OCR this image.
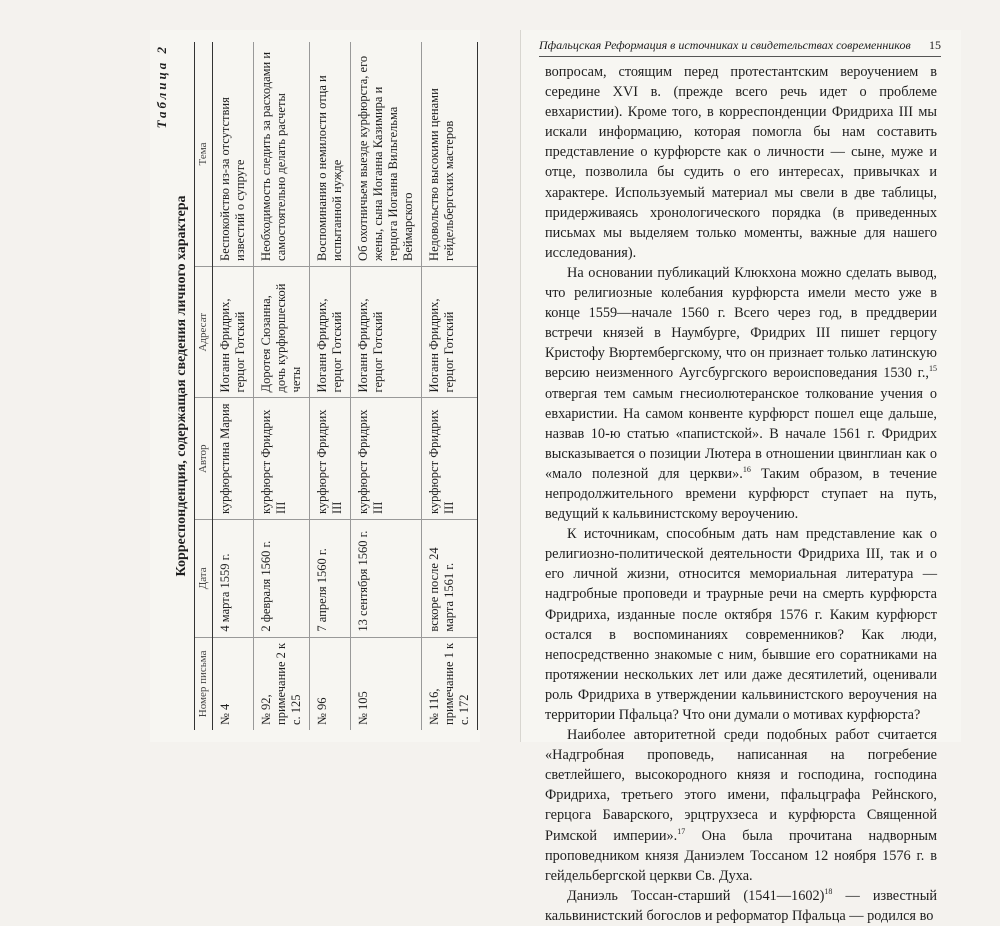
Таблица 2
Корреспонденция, содержащая сведения личного характера
Номер письма	Дата	Автор	Адресат	Тема
№ 4	4 марта 1559 г.	курфюрстина Мария	Иоганн Фридрих, герцог Готский	Беспокойство из-за отсутствия известий о супруге
№ 92, примечание 2 к с. 125	2 февраля 1560 г.	курфюрст Фридрих III	Доротея Сюзанна, дочь курфюршеской четы	Необходимость следить за расходами и самостоятельно делать расчеты
№ 96	7 апреля 1560 г.	курфюрст Фридрих III	Иоганн Фридрих, герцог Готский	Воспоминания о немилости отца и испытанной нужде
№ 105	13 сентября 1560 г.	курфюрст Фридрих III	Иоганн Фридрих, герцог Готский	Об охотничьем выезде курфюрста, его жены, сына Иоганна Казимира и герцога Иоганна Вильгельма Веймарского
№ 116, примечание 1 к с. 172	вскоре после 24 марта 1561 г.	курфюрст Фридрих III	Иоганн Фридрих, герцог Готский	Недовольство высокими ценами гейдельбергских мастеров
Пфальцская Реформация в источниках и свидетельствах современников 15

вопросам, стоящим перед протестантским вероучением в середине XVI в. (прежде всего речь идет о проблеме евхаристии). Кроме того, в корреспонденции Фридриха III мы искали информацию, которая помогла бы нам составить представление о курфюрсте как о личности — сыне, муже и отце, позволила бы судить о его интересах, привычках и характере. Используемый материал мы свели в две таблицы, придерживаясь хронологического порядка (в приведенных письмах мы выделяем только моменты, важные для нашего исследования).

На основании публикаций Клюкхона можно сделать вывод, что религиозные колебания курфюрста имели место уже в конце 1559—начале 1560 г. Всего через год, в преддверии встречи князей в Наумбурге, Фридрих III пишет герцогу Кристофу Вюртембергскому, что он признает только латинскую версию неизменного Аугсбургского вероисповедания 1530 г.,$^{15}$ отвергая тем самым гнесиолютеранское толкование учения о евхаристии. На самом конвенте курфюрст пошел еще дальше, назвав 10-ю статью «папистской». В начале 1561 г. Фридрих высказывается о позиции Лютера в отношении цвинглиан как о «мало полезной для церкви».$^{16}$ Таким образом, в течение непродолжительного времени курфюрст ступает на путь, ведущий к кальвинистскому вероучению.

К источникам, способным дать нам представление как о религиозно-политической деятельности Фридриха III, так и о его личной жизни, относится мемориальная литература — надгробные проповеди и траурные речи на смерть курфюрста Фридриха, изданные после октября 1576 г. Каким курфюрст остался в воспоминаниях современников? Как люди, непосредственно знакомые с ним, бывшие его соратниками на протяжении нескольких лет или даже десятилетий, оценивали роль Фридриха в утверждении кальвинистского вероучения на территории Пфальца? Что они думали о мотивах курфюрста?

Наиболее авторитетной среди подобных работ считается «Надгробная проповедь, написанная на погребение светлейшего, высокородного князя и господина, господина Фридриха, третьего этого имени, пфальцграфа Рейнского, герцога Баварского, эрцтрухзеса и курфюрста Священной Римской империи».$^{17}$ Она была прочитана надворным проповедником князя Даниэлем Тоссаном 12 ноября 1576 г. в гейдельбергской церкви Св. Духа.

Даниэль Тоссан-старший (1541—1602)$^{18}$ — известный кальвинистский богослов и реформатор Пфальца — родился во
